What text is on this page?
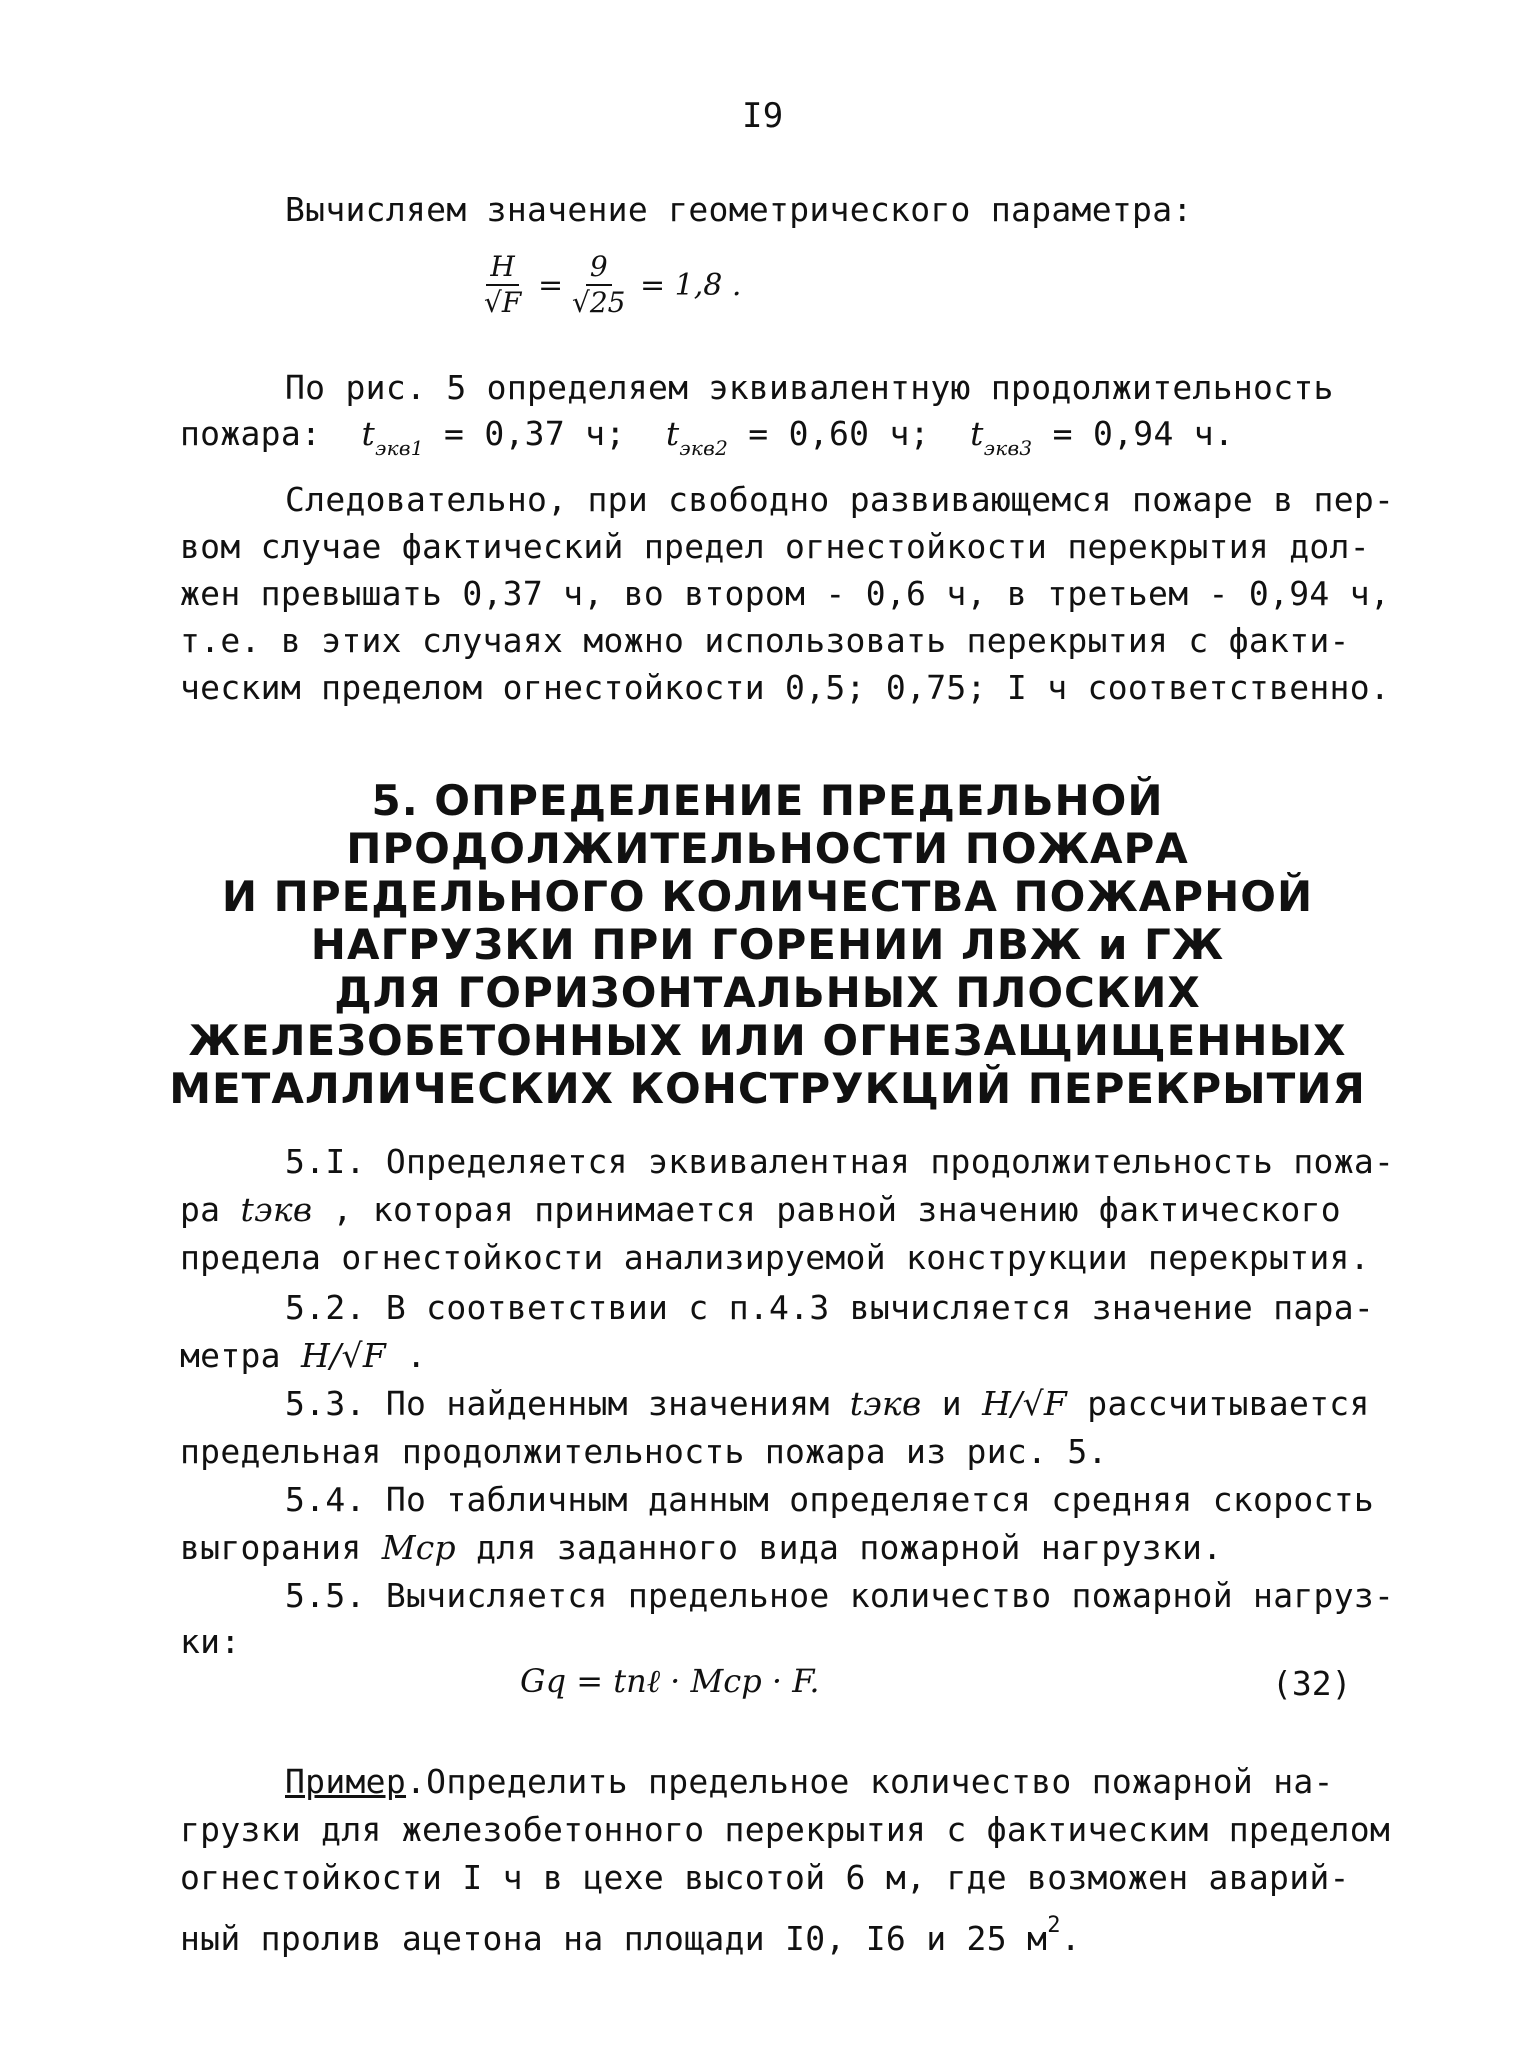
I9
Вычисляем значение геометрического параметра:
$\frac{H}{√F} = \frac{9}{√25} = 1,8$ .
По рис. 5 определяем эквивалентную продолжительность
пожара: $t_{экв1} = 0,37$ ч; $t_{экв2} = 0,60$ ч; $t_{экв3} = 0,94$ ч.
Следовательно, при свободно развивающемся пожаре в пер-
вом случае фактический предел огнестойкости перекрытия дол-
жен превышать 0,37 ч, во втором - 0,6 ч, в третьем - 0,94 ч,
т.е. в этих случаях можно использовать перекрытия с факти-
ческим пределом огнестойкости 0,5; 0,75; I ч соответственно.
5. ОПРЕДЕЛЕНИЕ ПРЕДЕЛЬНОЙ
ПРОДОЛЖИТЕЛЬНОСТИ ПОЖАРА
И ПРЕДЕЛЬНОГО КОЛИЧЕСТВА ПОЖАРНОЙ
НАГРУЗКИ ПРИ ГОРЕНИИ ЛВЖ и ГЖ
ДЛЯ ГОРИЗОНТАЛЬНЫХ ПЛОСКИХ
ЖЕЛЕЗОБЕТОННЫХ ИЛИ ОГНЕЗАЩИЩЕННЫХ
МЕТАЛЛИЧЕСКИХ КОНСТРУКЦИЙ ПЕРЕКРЫТИЯ
5.I. Определяется эквивалентная продолжительность пожа-
ра tэкв , которая принимается равной значению фактического
предела огнестойкости анализируемой конструкции перекрытия.
5.2. В соответствии с п.4.3 вычисляется значение пара-
метра H/√F .
5.3. По найденным значениям tэкв и H/√F рассчитывается
предельная продолжительность пожара из рис. 5.
5.4. По табличным данным определяется средняя скорость
выгорания Mср для заданного вида пожарной нагрузки.
5.5. Вычисляется предельное количество пожарной нагруз-
ки:
Gq = tпℓ · Mср · F.	(32)
Пример.Определить предельное количество пожарной на-
грузки для железобетонного перекрытия с фактическим пределом
огнестойкости I ч в цехе высотой 6 м, где возможен аварий-
ный пролив ацетона на площади I0, I6 и 25 $м^2$.
